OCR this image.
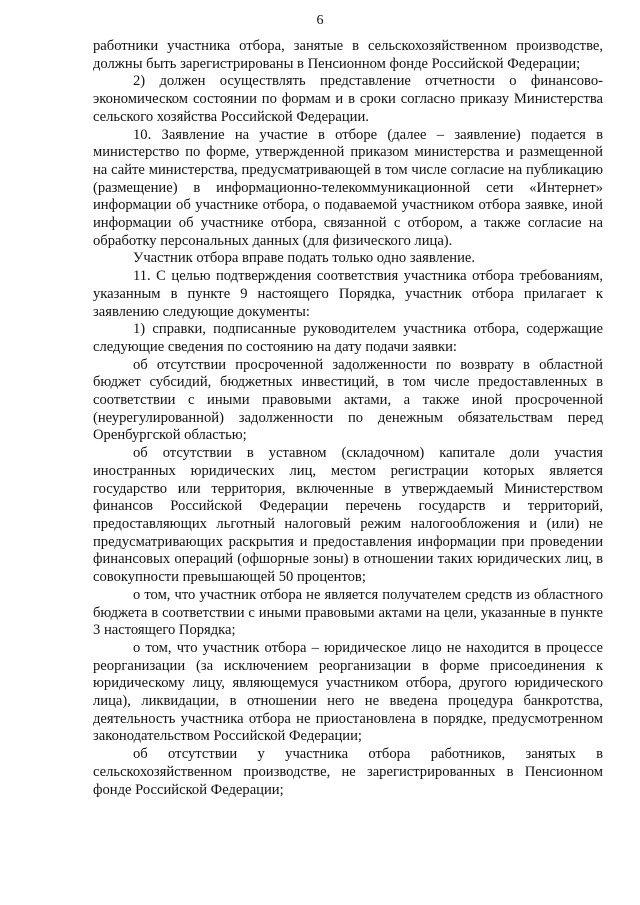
6

работники участника отбора, занятые в сельскохозяйственном производстве, должны быть зарегистрированы в Пенсионном фонде Российской Федерации;

2) должен осуществлять представление отчетности о финансово-экономическом состоянии по формам и в сроки согласно приказу Министерства сельского хозяйства Российской Федерации.

10. Заявление на участие в отборе (далее – заявление) подается в министерство по форме, утвержденной приказом министерства и размещенной на сайте министерства, предусматривающей в том числе согласие на публикацию (размещение) в информационно-телекоммуникационной сети «Интернет» информации об участнике отбора, о подаваемой участником отбора заявке, иной информации об участнике отбора, связанной с отбором, а также согласие на обработку персональных данных (для физического лица).

Участник отбора вправе подать только одно заявление.

11. С целью подтверждения соответствия участника отбора требованиям, указанным в пункте 9 настоящего Порядка, участник отбора прилагает к заявлению следующие документы:

1) справки, подписанные руководителем участника отбора, содержащие следующие сведения по состоянию на дату подачи заявки:

об отсутствии просроченной задолженности по возврату в областной бюджет субсидий, бюджетных инвестиций, в том числе предоставленных в соответствии с иными правовыми актами, а также иной просроченной (неурегулированной) задолженности по денежным обязательствам перед Оренбургской областью;

об отсутствии в уставном (складочном) капитале доли участия иностранных юридических лиц, местом регистрации которых является государство или территория, включенные в утверждаемый Министерством финансов Российской Федерации перечень государств и территорий, предоставляющих льготный налоговый режим налогообложения и (или) не предусматривающих раскрытия и предоставления информации при проведении финансовых операций (офшорные зоны) в отношении таких юридических лиц, в совокупности превышающей 50 процентов;

о том, что участник отбора не является получателем средств из областного бюджета в соответствии с иными правовыми актами на цели, указанные в пункте 3 настоящего Порядка;

о том, что участник отбора – юридическое лицо не находится в процессе реорганизации (за исключением реорганизации в форме присоединения к юридическому лицу, являющемуся участником отбора, другого юридического лица), ликвидации, в отношении него не введена процедура банкротства, деятельность участника отбора не приостановлена в порядке, предусмотренном законодательством Российской Федерации;

об отсутствии у участника отбора работников, занятых в сельскохозяйственном производстве, не зарегистрированных в Пенсионном фонде Российской Федерации;
